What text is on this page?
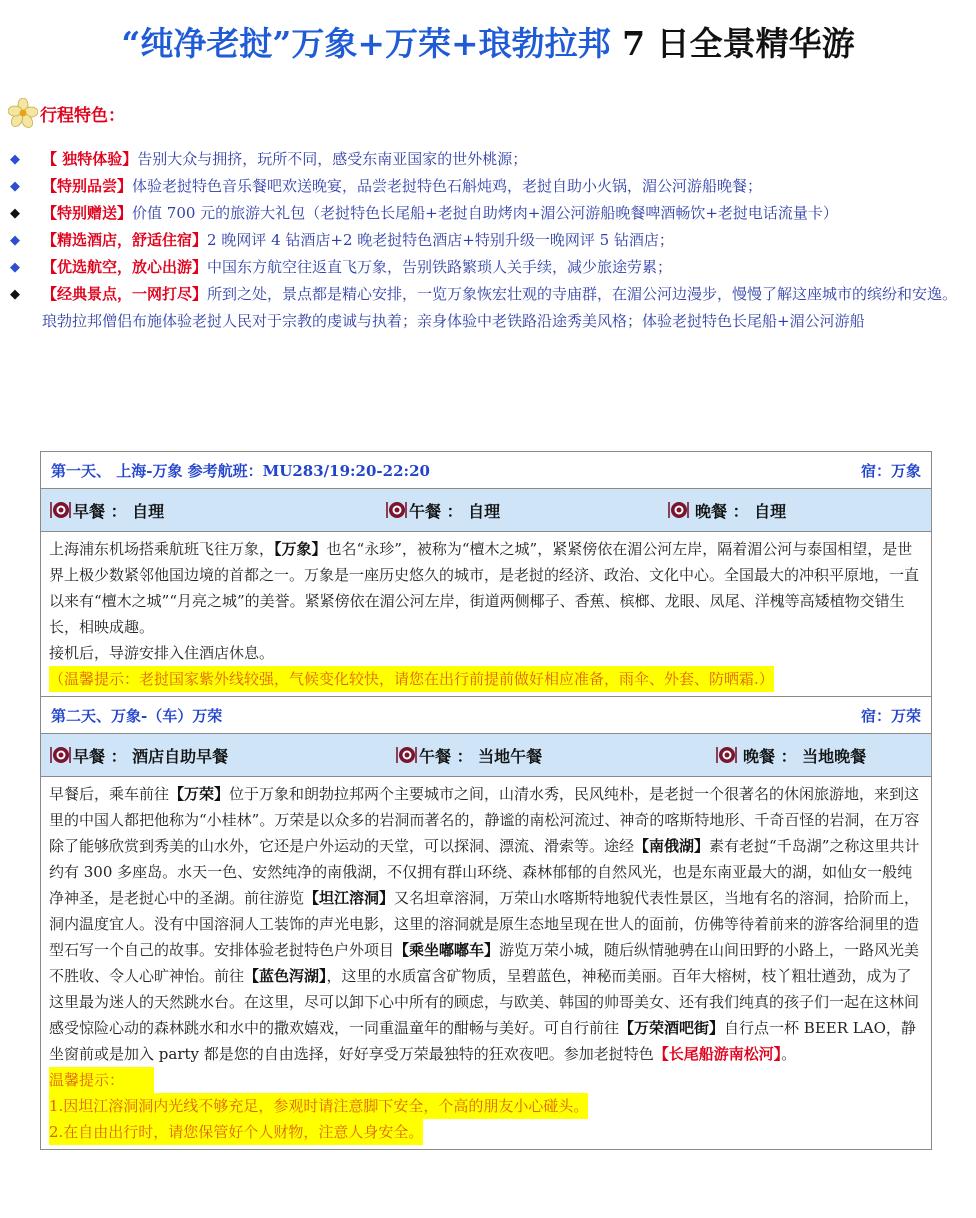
“纯净老挝”万象+万荣+琅勃拉邦 7 日全景精华游
行程特色：
◆ 【 独特体验】告别大众与拥挤，玩所不同，感受东南亚国家的世外桃源；
◆ 【特别品尝】体验老挝特色音乐餐吧欢送晚宴，品尝老挝特色石斛炖鸡，老挝自助小火锅，湄公河游船晚餐；
◆ 【特别赠送】价值 700 元的旅游大礼包（老挝特色长尾船+老挝自助烤肉+湄公河游船晚餐啤酒畅饮+老挝电话流量卡）
◆ 【精选酒店，舒适住宿】2 晚网评 4 钻酒店+2 晚老挝特色酒店+特别升级一晚网评 5 钻酒店；
◆ 【优选航空，放心出游】中国东方航空往返直飞万象，告别铁路繁琐人关手续，减少旅途劳累；
◆ 【经典景点，一网打尽】所到之处，景点都是精心安排，一览万象恢宏壮观的寺庙群，在湄公河边漫步，慢慢了解这座城市的缤纷和安逸。琅勃拉邦僧侣布施体验老挝人民对于宗教的虔诚与执着；亲身体验中老铁路沿途秀美风格；体验老挝特色长尾船+湄公河游船
第一天、 上海-万象 参考航班：MU283/19:20-22:20	宿：万象
早餐 ： 自理	午餐 ： 自理	晚餐 ： 自理
上海浦东机场搭乘航班飞往万象，【万象】也名“永珍”，被称为“檀木之城”，紧紧傍依在湄公河左岸，隔着湄公河与泰国相望，是世界上极少数紧邻他国边境的首都之一。万象是一座历史悠久的城市，是老挝的经济、政治、文化中心。全国最大的冲积平原地，一直以来有“檀木之城”“月亮之城”的美誉。紧紧傍依在湄公河左岸，街道两侧椰子、香蕉、槟榔、龙眼、凤尾、洋槐等高矮植物交错生长，相映成趣。
接机后，导游安排入住酒店休息。
（温馨提示：老挝国家紫外线较强，气候变化较快，请您在出行前提前做好相应准备，雨伞、外套、防晒霜.）
第二天、万象-（车）万荣	宿：万荣
早餐 ： 酒店自助早餐	午餐 ： 当地午餐	晚餐 ： 当地晚餐
早餐后，乘车前往【万荣】位于万象和朗勃拉邦两个主要城市之间，山清水秀，民风纯朴，是老挝一个很著名的休闲旅游地，来到这里的中国人都把他称为“小桂林”。万荣是以众多的岩洞而著名的，静谧的南松河流过、神奇的喀斯特地形、千奇百怪的岩洞，在万容除了能够欣赏到秀美的山水外，它还是户外运动的天堂，可以探洞、漂流、滑索等。途经【南俄湖】素有老挝“千岛湖”之称这里共计约有 300 多座岛。水天一色、安然纯净的南俄湖，不仅拥有群山环绕、森林郁郁的自然风光，也是东南亚最大的湖，如仙女一般纯净神圣，是老挝心中的圣湖。前往游览【坦江溶洞】又名坦章溶洞，万荣山水喀斯特地貌代表性景区，当地有名的溶洞，拾阶而上，洞内温度宜人。没有中国溶洞人工装饰的声光电影，这里的溶洞就是原生态地呈现在世人的面前，仿佛等待着前来的游客给洞里的造型石写一个自己的故事。安排体验老挝特色户外项目【乘坐嘟嘟车】游览万荣小城，随后纵情驰骋在山间田野的小路上，一路风光美不胜收、令人心旷神怡。前往【蓝色泻湖】，这里的水质富含矿物质，呈碧蓝色，神秘而美丽。百年大榕树，枝丫粗壮遒劲，成为了这里最为迷人的天然跳水台。在这里，尽可以卸下心中所有的顾虑，与欧美、韩国的帅哥美女、还有我们纯真的孩子们一起在这林间感受惊险心动的森林跳水和水中的撒欢嬉戏，一同重温童年的酣畅与美好。可自行前往【万荣酒吧街】自行点一杯 BEER LAO，静坐窗前或是加入 party 都是您的自由选择，好好享受万荣最独特的狂欢夜吧。参加老挝特色【长尾船游南松河】。
温馨提示：
1.因坦江溶洞洞内光线不够充足，参观时请注意脚下安全，个高的朋友小心碰头。
2.在自由出行时，请您保管好个人财物，注意人身安全。
